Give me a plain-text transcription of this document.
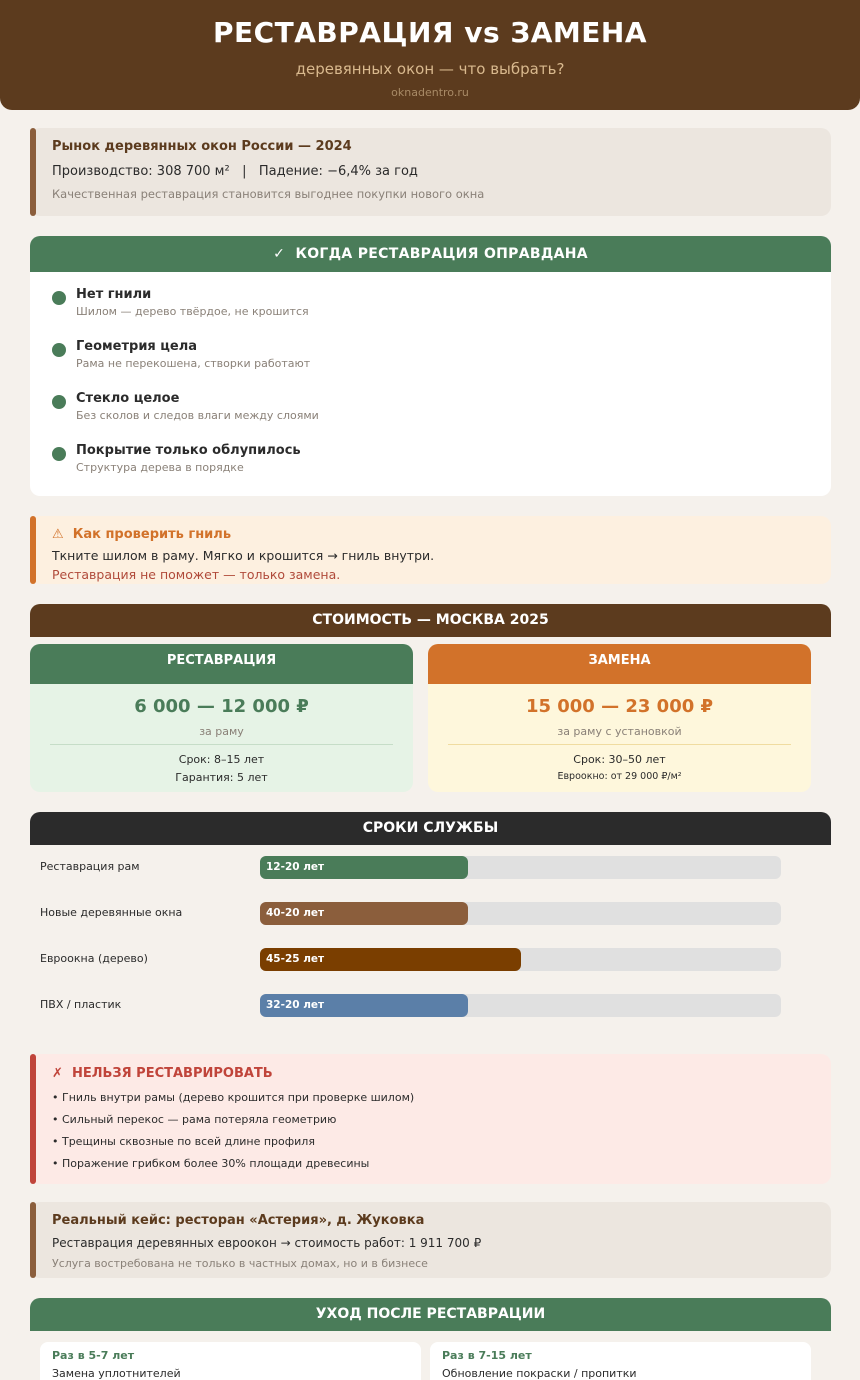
РЕСТАВРАЦИЯ vs ЗАМЕНА
деревянных окон — что выбрать?
oknadentro.ru
Рынок деревянных окон России — 2024
Производство: 308 700 м²   |   Падение: −6,4% за год
Качественная реставрация становится выгоднее покупки нового окна
✓  КОГДА РЕСТАВРАЦИЯ ОПРАВДАНА
Нет гнили
Шилом — дерево твёрдое, не крошится
Геометрия цела
Рама не перекошена, створки работают
Стекло целое
Без сколов и следов влаги между слоями
Покрытие только облупилось
Структура дерева в порядке
⚠  Как проверить гниль
Ткните шилом в раму. Мягко и крошится → гниль внутри.
Реставрация не поможет — только замена.
СТОИМОСТЬ — МОСКВА 2025
РЕСТАВРАЦИЯ
6 000 — 12 000 ₽
за раму
Срок: 8–15 лет
Гарантия: 5 лет
ЗАМЕНА
15 000 — 23 000 ₽
за раму с установкой
Срок: 30–50 лет
Евроокно: от 29 000 ₽/м²
СРОКИ СЛУЖБЫ
Реставрация рам	12-20 лет
Новые деревянные окна	40-20 лет
Евроокна (дерево)	45-25 лет
ПВХ / пластик	32-20 лет
✗  НЕЛЬЗЯ РЕСТАВРИРОВАТЬ
• Гниль внутри рамы (дерево крошится при проверке шилом)
• Сильный перекос — рама потеряла геометрию
• Трещины сквозные по всей длине профиля
• Поражение грибком более 30% площади древесины
Реальный кейс: ресторан «Астерия», д. Жуковка
Реставрация деревянных евроокон → стоимость работ: 1 911 700 ₽
Услуга востребована не только в частных домах, но и в бизнесе
УХОД ПОСЛЕ РЕСТАВРАЦИИ
Раз в 5-7 лет
Замена уплотнителей
Раз в 7-15 лет
Обновление покраски / пропитки
